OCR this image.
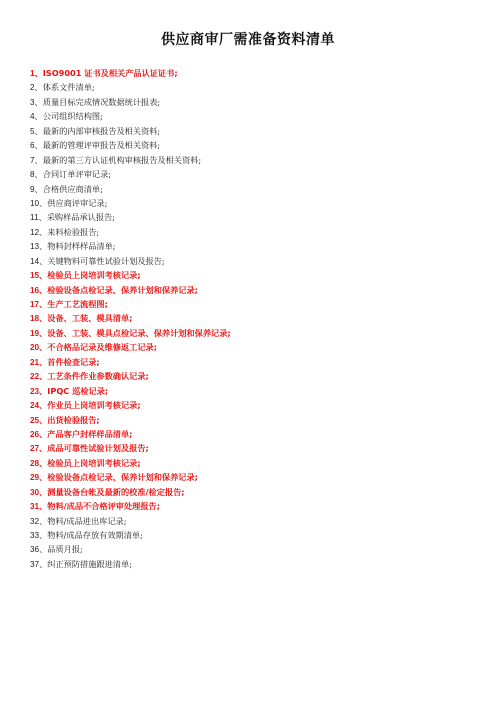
供应商审厂需准备资料清单
1、ISO9001 证书及相关产品认证证书;
2、体系文件清单;
3、质量目标完成情况数据统计报表;
4、公司组织结构图;
5、最新的内部审核报告及相关资料;
6、最新的管理评审报告及相关资料;
7、最新的第三方认证机构审核报告及相关资料;
8、合同订单评审记录;
9、合格供应商清单;
10、供应商评审记录;
11、采购样品承认报告;
12、来料检验报告;
13、物料封样样品清单;
14、关键物料可靠性试验计划及报告;
15、检验员上岗培训考核记录;
16、检验设备点检记录、保养计划和保养记录;
17、生产工艺流程图;
18、设备、工装、模具清单;
19、设备、工装、模具点检记录、保养计划和保养记录;
20、不合格品记录及维修返工记录;
21、首件检查记录;
22、工艺条件作业参数确认记录;
23、IPQC 巡检记录;
24、作业员上岗培训考核记录;
25、出货检验报告;
26、产品客户封样样品清单;
27、成品可靠性试验计划及报告;
28、检验员上岗培训考核记录;
29、检验设备点检记录、保养计划和保养记录;
30、测量设备台帐及最新的校准/检定报告;
31、物料/成品不合格评审处理报告;
32、物料/成品进出库记录;
33、物料/成品存放有效期清单;
36、品质月报;
37、纠正预防措施跟进清单;
